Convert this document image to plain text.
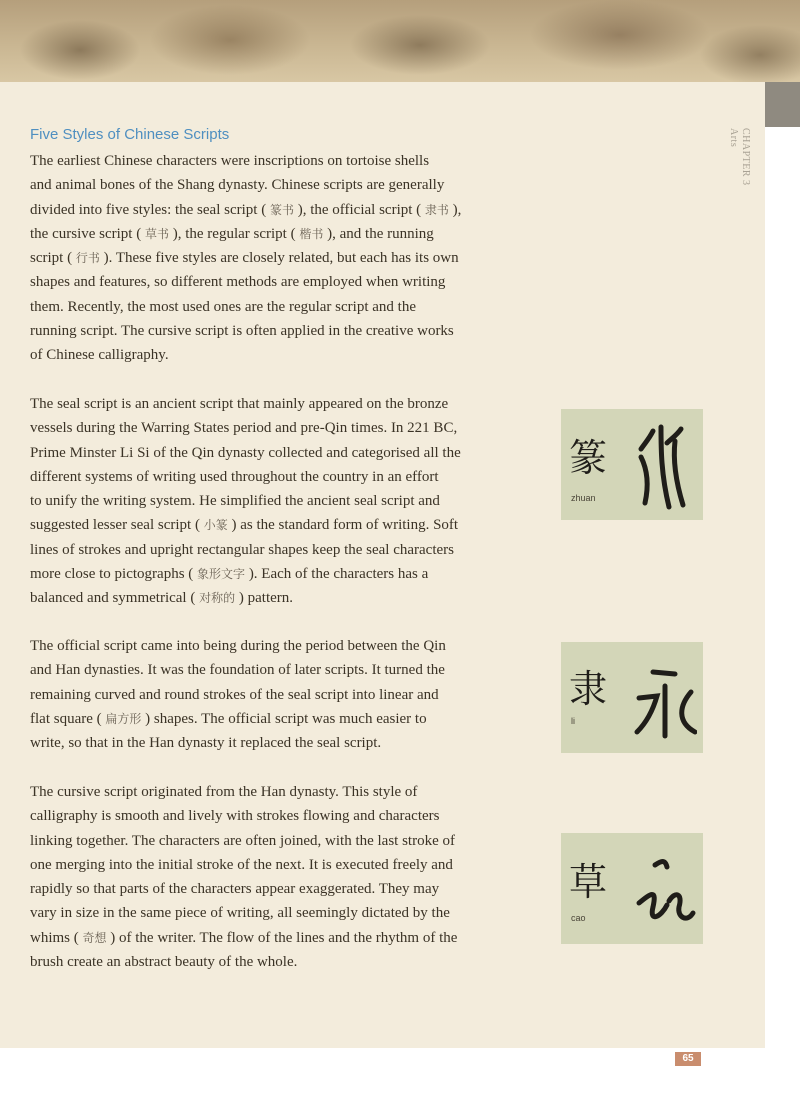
CHAPTER 3
Arts
Five Styles of Chinese Scripts

The earliest Chinese characters were inscriptions on tortoise shells
and animal bones of the Shang dynasty. Chinese scripts are generally
divided into five styles: the seal script ( 篆书 ), the official script ( 隶书 ),
the cursive script ( 草书 ), the regular script ( 楷书 ), and the running
script ( 行书 ). These five styles are closely related, but each has its own
shapes and features, so different methods are employed when writing
them. Recently, the most used ones are the regular script and the
running script. The cursive script is often applied in the creative works
of Chinese calligraphy.

The seal script is an ancient script that mainly appeared on the bronze
vessels during the Warring States period and pre-Qin times. In 221 BC,
Prime Minster Li Si of the Qin dynasty collected and categorised all the
different systems of writing used throughout the country in an effort
to unify the writing system. He simplified the ancient seal script and
suggested lesser seal script ( 小篆 ) as the standard form of writing. Soft
lines of strokes and upright rectangular shapes keep the seal characters
more close to pictographs ( 象形文字 ). Each of the characters has a
balanced and symmetrical ( 对称的 ) pattern.

The official script came into being during the period between the Qin
and Han dynasties. It was the foundation of later scripts. It turned the
remaining curved and round strokes of the seal script into linear and
flat square ( 扁方形 ) shapes. The official script was much easier to
write, so that in the Han dynasty it replaced the seal script.

The cursive script originated from the Han dynasty. This style of
calligraphy is smooth and lively with strokes flowing and characters
linking together. The characters are often joined, with the last stroke of
one merging into the initial stroke of the next. It is executed freely and
rapidly so that parts of the characters appear exaggerated. They may
vary in size in the same piece of writing, all seemingly dictated by the
whims ( 奇想 ) of the writer. The flow of the lines and the rhythm of the
brush create an abstract beauty of the whole.

篆
zhuan
隶
li
草
cao
65
